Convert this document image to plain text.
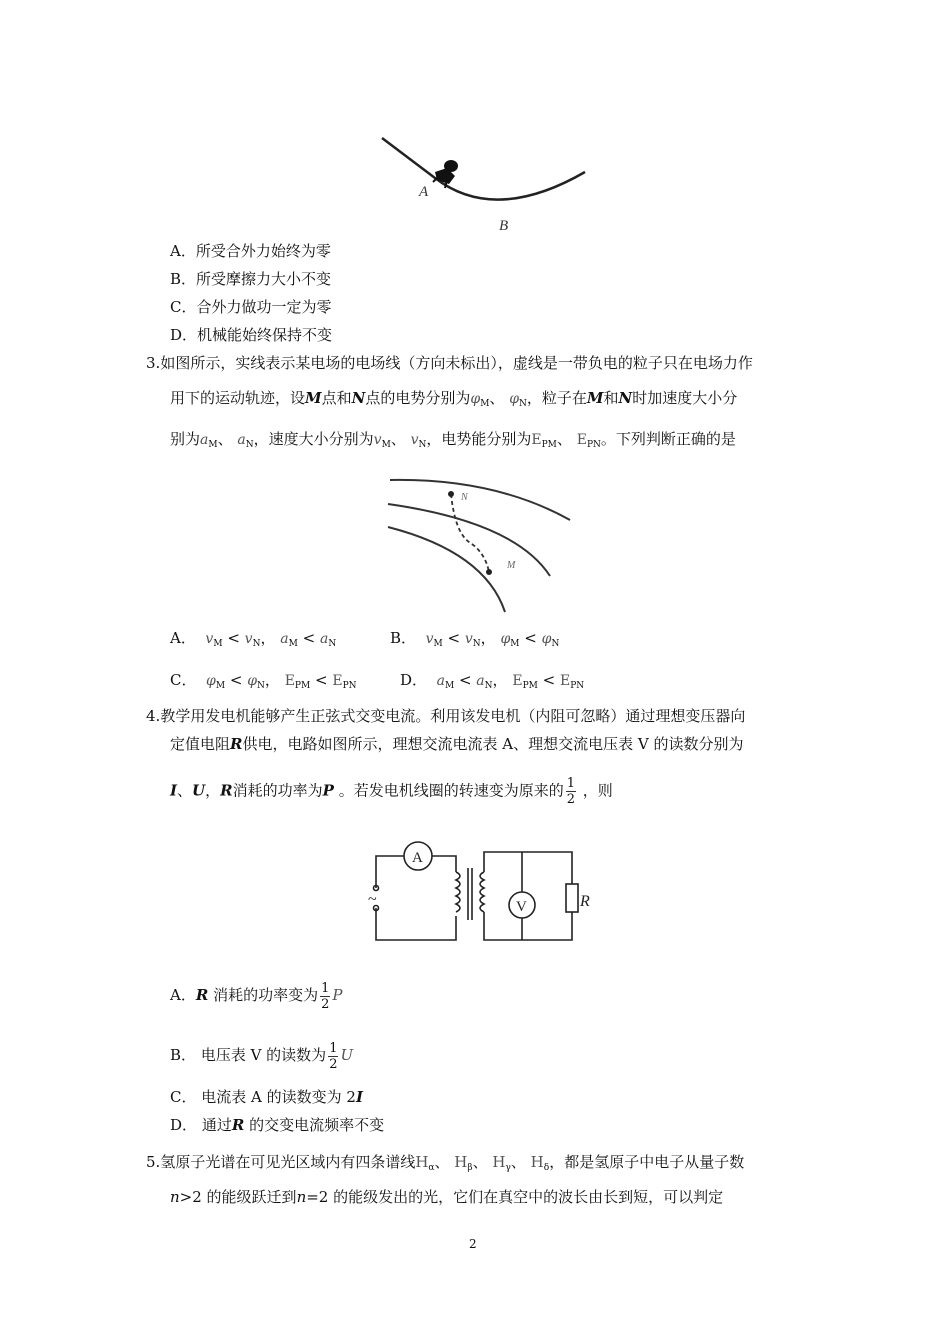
A
B
A．所受合外力始终为零
B．所受摩擦力大小不变
C．合外力做功一定为零
D．机械能始终保持不变
3.如图所示，实线表示某电场的电场线（方向未标出），虚线是一带负电的粒子只在电场力作
用下的运动轨迹，设M点和N点的电势分别为$\varphi_M$、 $\varphi_N$，粒子在M和N时加速度大小分
别为$a_M$、 $a_N$，速度大小分别为$v_M$、 $v_N$，电势能分别为$E_{PM}$、 $E_{PN}$。下列判断正确的是
N
M
A． $v_M < v_N$， $a_M < a_N$	B． $v_M < v_N$， $\varphi_M < \varphi_N$
C． $\varphi_M < \varphi_N$， $E_{PM} < E_{PN}$	D． $a_M < a_N$， $E_{PM} < E_{PN}$
4.教学用发电机能够产生正弦式交变电流。利用该发电机（内阻可忽略）通过理想变压器向
定值电阻R供电，电路如图所示，理想交流电流表 A、理想交流电压表 V 的读数分别为
I、U，R消耗的功率为P 。若发电机线圈的转速变为原来的 $\frac{1}{2}$ ，则
A
V	R
~
A．R 消耗的功率变为 $\frac{1}{2}$ P
B． 电压表 V 的读数为 $\frac{1}{2}$ U
C． 电流表 A 的读数变为 2I
D． 通过R 的交变电流频率不变
5.氢原子光谱在可见光区域内有四条谱线$H_\alpha$、 $H_\beta$、 $H_\gamma$、 $H_\delta$，都是氢原子中电子从量子数
n>2 的能级跃迁到n=2 的能级发出的光，它们在真空中的波长由长到短，可以判定
2
